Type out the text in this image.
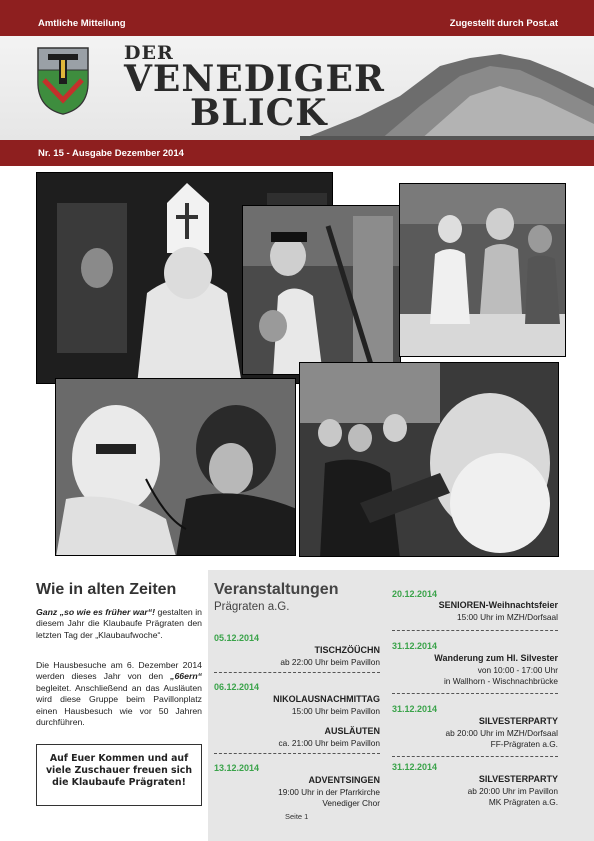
Amtliche Mitteilung	Zugestellt durch Post.at
DER
VENEDIGER
BLICK
Nr. 15 - Ausgabe Dezember 2014
Wie in alten Zeiten
Ganz „so wie es früher war“! gestalten in diesem Jahr die Klaubaufe Prägraten den letzten Tag der „Klaubaufwoche“.
Die Hausbesuche am 6. Dezember 2014 werden dieses Jahr von den „66ern“ begleitet. Anschließend an das Ausläuten wird diese Gruppe beim Pavillonplatz einen Hausbesuch wie vor 50 Jahren durchführen.
Auf Euer Kommen und auf viele Zuschauer freuen sich die Klaubaufe Prägraten!
Veranstaltungen
Prägraten a.G.
05.12.2014
TISCHZÖÜCHN
ab 22:00 Uhr beim Pavillon
06.12.2014
NIKOLAUSNACHMITTAG
15:00 Uhr beim Pavillon
AUSLÄUTEN
ca. 21:00 Uhr beim Pavillon
13.12.2014
ADVENTSINGEN
19:00 Uhr in der Pfarrkirche
Venediger Chor
20.12.2014
SENIOREN-Weihnachtsfeier
15:00 Uhr im MZH/Dorfsaal
31.12.2014
Wanderung zum Hl. Silvester
von 10:00 - 17:00 Uhr
in Wallhorn - Wischnachbrücke
31.12.2014
SILVESTERPARTY
ab 20:00 Uhr im MZH/Dorfsaal
FF-Prägraten a.G.
31.12.2014
SILVESTERPARTY
ab 20:00 Uhr im Pavillon
MK Prägraten a.G.
Seite 1
